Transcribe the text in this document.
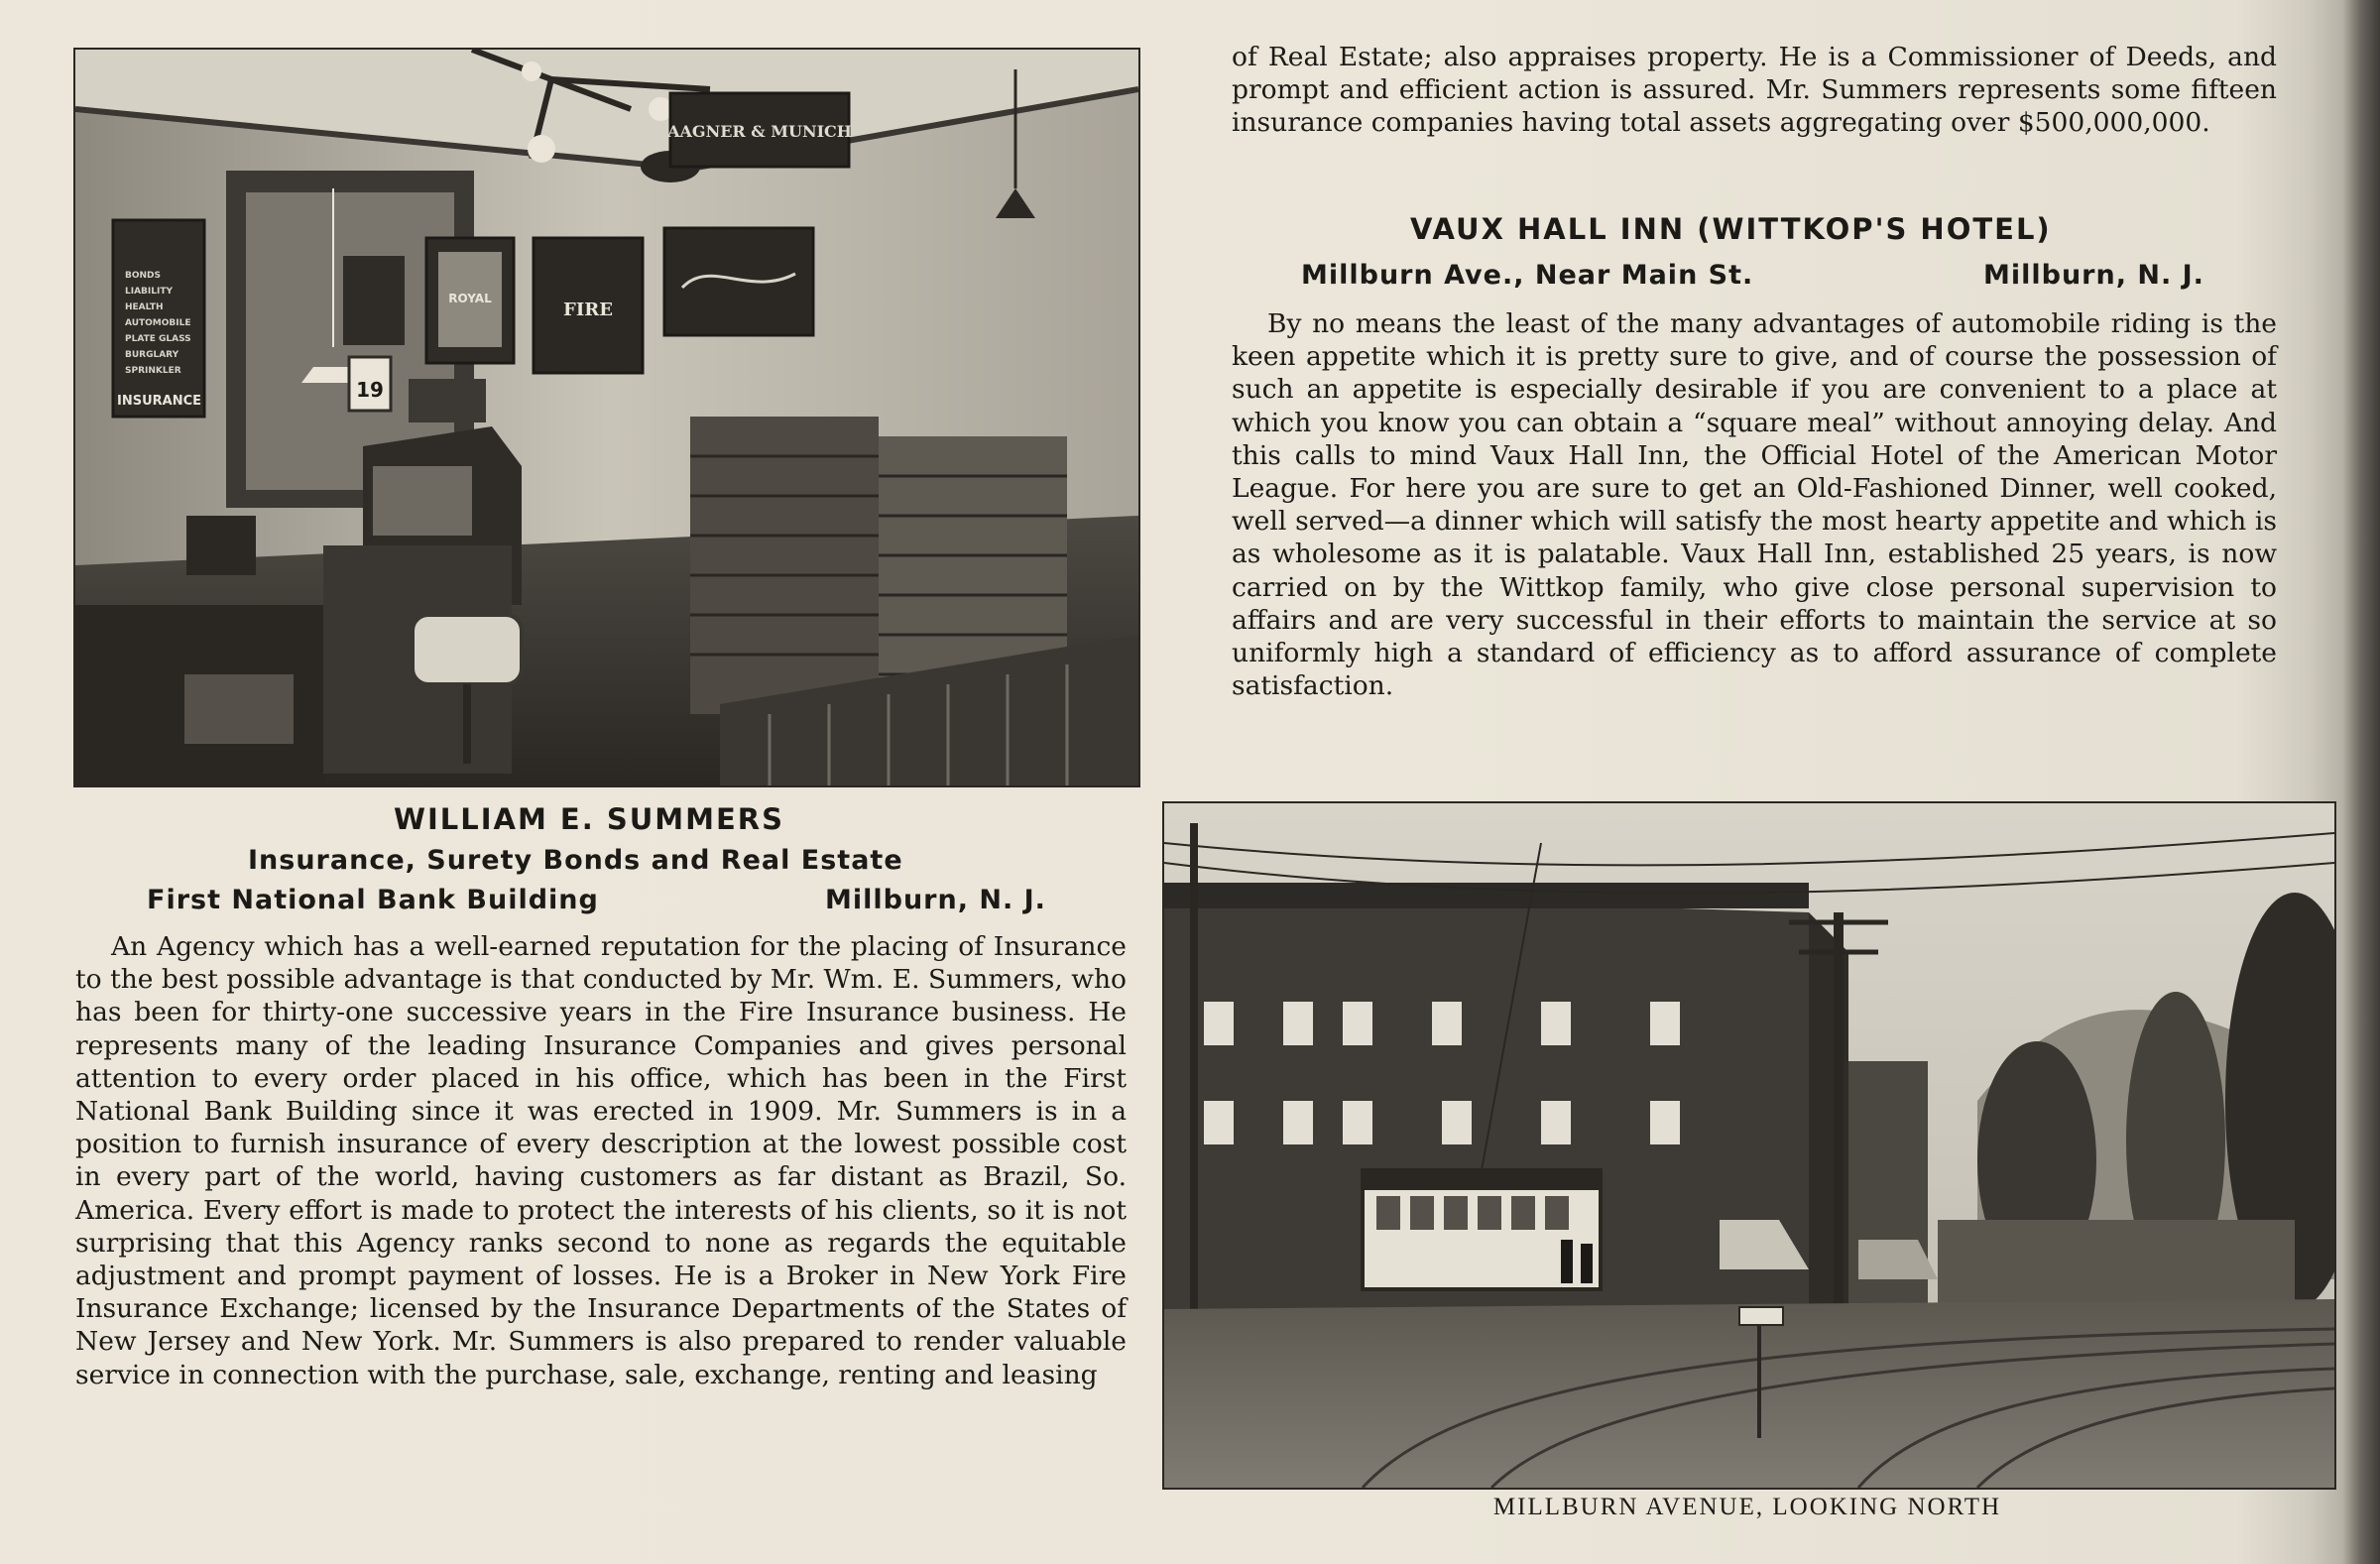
BONDS
LIABILITY
HEALTH
AUTOMOBILE
PLATE GLASS
BURGLARY
SPRINKLER
INSURANCE
ROYAL
19
FIRE
AAGNER & MUNICH
WILLIAM E. SUMMERS
Insurance, Surety Bonds and Real Estate
First National Bank Building	Millburn, N. J.

An Agency which has a well-earned reputation for the placing of Insurance to the best possible advantage is that conducted by Mr. Wm. E. Summers, who has been for thirty-one successive years in the Fire Insurance business. He represents many of the leading Insurance Companies and gives personal attention to every order placed in his office, which has been in the First National Bank Building since it was erected in 1909. Mr. Summers is in a position to furnish insurance of every description at the lowest possible cost in every part of the world, having customers as far distant as Brazil, So. America. Every effort is made to protect the interests of his clients, so it is not surprising that this Agency ranks second to none as regards the equitable adjustment and prompt payment of losses. He is a Broker in New York Fire Insurance Exchange; licensed by the Insurance Departments of the States of New Jersey and New York. Mr. Summers is also prepared to render valuable service in connection with the purchase, sale, exchange, renting and leasing

of Real Estate; also appraises property. He is a Commissioner of Deeds, and prompt and efficient action is assured. Mr. Summers represents some fifteen insurance companies having total assets aggregating over $500,000,000.

VAUX HALL INN (WITTKOP'S HOTEL)
Millburn Ave., Near Main St.	Millburn, N. J.

By no means the least of the many advantages of automobile riding is the keen appetite which it is pretty sure to give, and of course the possession of such an appetite is especially desirable if you are convenient to a place at which you know you can obtain a “square meal” without annoying delay. And this calls to mind Vaux Hall Inn, the Official Hotel of the American Motor League. For here you are sure to get an Old-Fashioned Dinner, well cooked, well served—a dinner which will satisfy the most hearty appetite and which is as wholesome as it is palatable. Vaux Hall Inn, established 25 years, is now carried on by the Wittkop family, who give close personal supervision to affairs and are very successful in their efforts to maintain the service at so uniformly high a standard of efficiency as to afford assurance of complete satisfaction.

MILLBURN AVENUE, LOOKING NORTH
